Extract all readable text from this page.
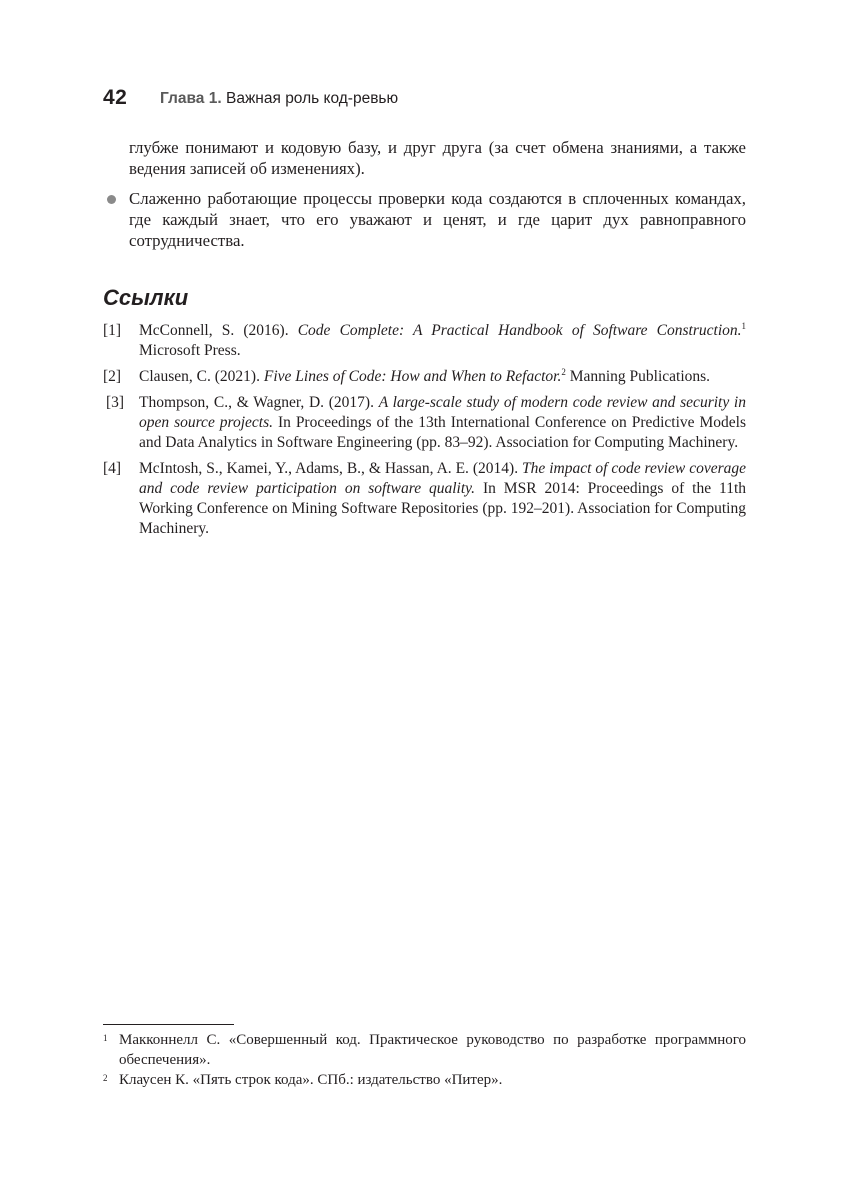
42 Глава 1. Важная роль код-ревью

глубже понимают и кодовую базу, и друг друга (за счет обмена знаниями, а также ведения записей об изменениях).

Слаженно работающие процессы проверки кода создаются в сплоченных командах, где каждый знает, что его уважают и ценят, и где царит дух равноправного сотрудничества.

Ссылки
[1]	McConnell, S. (2016). Code Complete: A Practical Handbook of Software Construction.$^1$ Microsoft Press.
[2]	Clausen, C. (2021). Five Lines of Code: How and When to Refactor.$^2$ Manning Publications.
[3] Thompson, C., & Wagner, D. (2017). A large-scale study of modern code review and security in open source projects. In Proceedings of the 13th International Conference on Predictive Models and Data Analytics in Software Engineering (pp. 83–92). Association for Computing Machinery.
[4]	McIntosh, S., Kamei, Y., Adams, B., & Hassan, A. E. (2014). The impact of code review coverage and code review participation on software quality. In MSR 2014: Proceedings of the 11th Working Conference on Mining Software Repositories (pp. 192–201). Association for Computing Machinery.
1 Макконнелл С. «Совершенный код. Практическое руководство по разработке программного обеспечения».
2 Клаусен К. «Пять строк кода». СПб.: издательство «Питер».
